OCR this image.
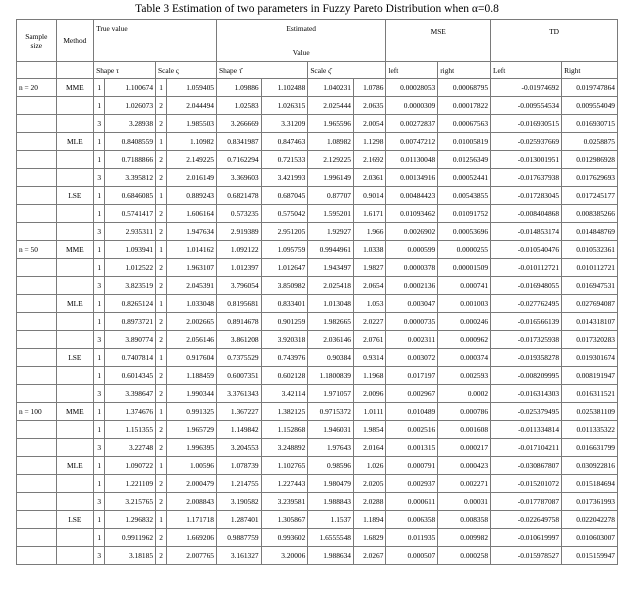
Table 3 Estimation of two parameters in Fuzzy Pareto Distribution when α=0.8
Sample size	Method	True value				Estimated				MSE		TD	
						Value							
		Shape τ		Scale ς		Shape τ̂		Scale ς̂		left	right	Left	Right
n = 20	MME	1	1.100674	1	1.059405	1.09886	1.102488	1.040231	1.0786	0.00028053	0.00068795	-0.01974692	0.019747864
		1	1.026073	2	2.044494	1.02583	1.026315	2.025444	2.0635	0.0000309	0.00017822	-0.009554534	0.009554049
		3	3.28938	2	1.985503	3.266669	3.31209	1.965596	2.0054	0.00272837	0.00067563	-0.016930515	0.016930715
	MLE	1	0.8408559	1	1.10982	0.8341987	0.847463	1.08982	1.1298	0.00747212	0.01005819	-0.025937669	0.0258875
		1	0.7188866	2	2.149225	0.7162294	0.721533	2.129225	2.1692	0.01130048	0.01256349	-0.013001951	0.012986928
		3	3.395812	2	2.016149	3.369603	3.421993	1.996149	2.0361	0.00134916	0.00052441	-0.017637938	0.017629693
	LSE	1	0.6846085	1	0.889243	0.6821478	0.687045	0.87707	0.9014	0.00484423	0.00543855	-0.017283045	0.017245177
		1	0.5741417	2	1.606164	0.573235	0.575042	1.595201	1.6171	0.01093462	0.01091752	-0.008404868	0.008385266
		3	2.935311	2	1.947634	2.919389	2.951205	1.92927	1.966	0.0026902	0.00053696	-0.014853174	0.014848769
n = 50	MME	1	1.093941	1	1.014162	1.092122	1.095759	0.9944961	1.0338	0.000599	0.0000255	-0.010540476	0.010532361
		1	1.012522	2	1.963107	1.012397	1.012647	1.943497	1.9827	0.0000378	0.00001509	-0.010112721	0.010112721
		3	3.823519	2	2.045391	3.796054	3.850982	2.025418	2.0654	0.0002136	0.000741	-0.016948055	0.016947531
	MLE	1	0.8265124	1	1.033048	0.8195681	0.833401	1.013048	1.053	0.003047	0.001003	-0.027762495	0.027694087
		1	0.8973721	2	2.002665	0.8914678	0.901259	1.982665	2.0227	0.0000735	0.000246	-0.016566139	0.014318107
		3	3.890774	2	2.056146	3.861208	3.920318	2.036146	2.0761	0.002311	0.000962	-0.017325938	0.017320283
	LSE	1	0.7407814	1	0.917604	0.7375529	0.743976	0.90384	0.9314	0.003072	0.000374	-0.019358278	0.019301674
		1	0.6014345	2	1.188459	0.6007351	0.602128	1.1800839	1.1968	0.017197	0.002593	-0.008209995	0.008191947
		3	3.398647	2	1.990344	3.3761343	3.42114	1.971057	2.0096	0.002967	0.0002	-0.016314303	0.016311521
n = 100	MME	1	1.374676	1	0.991325	1.367227	1.382125	0.9715372	1.0111	0.010489	0.000786	-0.025379495	0.025381109
		1	1.151355	2	1.965729	1.149842	1.152868	1.946031	1.9854	0.002516	0.001608	-0.011334814	0.011335322
		3	3.22748	2	1.996395	3.204553	3.248892	1.97643	2.0164	0.001315	0.000217	-0.017104211	0.016631799
	MLE	1	1.090722	1	1.00596	1.078739	1.102765	0.98596	1.026	0.000791	0.000423	-0.030867807	0.030922816
		1	1.221109	2	2.000479	1.214755	1.227443	1.980479	2.0205	0.002937	0.002271	-0.015201072	0.015184694
		3	3.215765	2	2.008843	3.190582	3.239581	1.988843	2.0288	0.000611	0.00031	-0.017787087	0.017361993
	LSE	1	1.296832	1	1.171718	1.287401	1.305867	1.1537	1.1894	0.006358	0.008358	-0.022649758	0.022042278
		1	0.9911962	2	1.669206	0.9887759	0.993602	1.6555548	1.6829	0.011935	0.009982	-0.010619997	0.010603007
		3	3.18185	2	2.007765	3.161327	3.20006	1.988634	2.0267	0.000507	0.000258	-0.015978527	0.015159947
